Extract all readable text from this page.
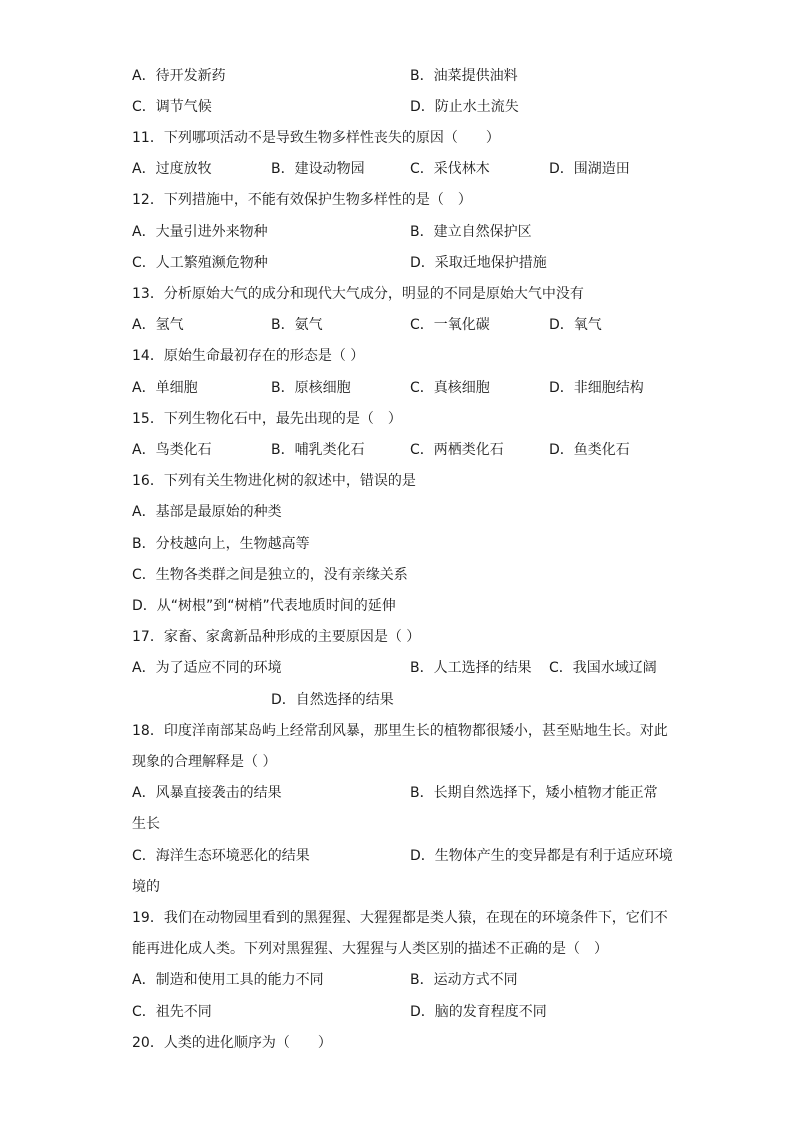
A．待开发新药	B．油菜提供油料
C．调节气候	D．防止水土流失
11．下列哪项活动不是导致生物多样性丧失的原因（　　）
A．过度放牧	B．建设动物园	C．采伐林木	D．围湖造田
12．下列措施中，不能有效保护生物多样性的是（　）
A．大量引进外来物种	B．建立自然保护区
C．人工繁殖濒危物种	D．采取迁地保护措施
13．分析原始大气的成分和现代大气成分，明显的不同是原始大气中没有
A．氢气	B．氨气	C．一氧化碳	D．氧气
14．原始生命最初存在的形态是（ ）
A．单细胞	B．原核细胞	C．真核细胞	D．非细胞结构
15．下列生物化石中，最先出现的是（　）
A．鸟类化石	B．哺乳类化石	C．两栖类化石	D．鱼类化石
16．下列有关生物进化树的叙述中，错误的是
A．基部是最原始的种类
B．分枝越向上，生物越高等
C．生物各类群之间是独立的，没有亲缘关系
D．从“树根”到“树梢”代表地质时间的延伸
17．家畜、家禽新品种形成的主要原因是（ ）
A．为了适应不同的环境	B．人工选择的结果 C．我国水域辽阔
D．自然选择的结果
18．印度洋南部某岛屿上经常刮风暴，那里生长的植物都很矮小，甚至贴地生长。对此
现象的合理解释是（ ）
A．风暴直接袭击的结果	B．长期自然选择下，矮小植物才能正常
生长
C．海洋生态环境恶化的结果	D．生物体产生的变异都是有利于适应环境
境的
19．我们在动物园里看到的黑猩猩、大猩猩都是类人猿，在现在的环境条件下，它们不
能再进化成人类。下列对黑猩猩、大猩猩与人类区别的描述不正确的是（　）
A．制造和使用工具的能力不同	B．运动方式不同
C．祖先不同	D．脑的发育程度不同
20．人类的进化顺序为（　　）
